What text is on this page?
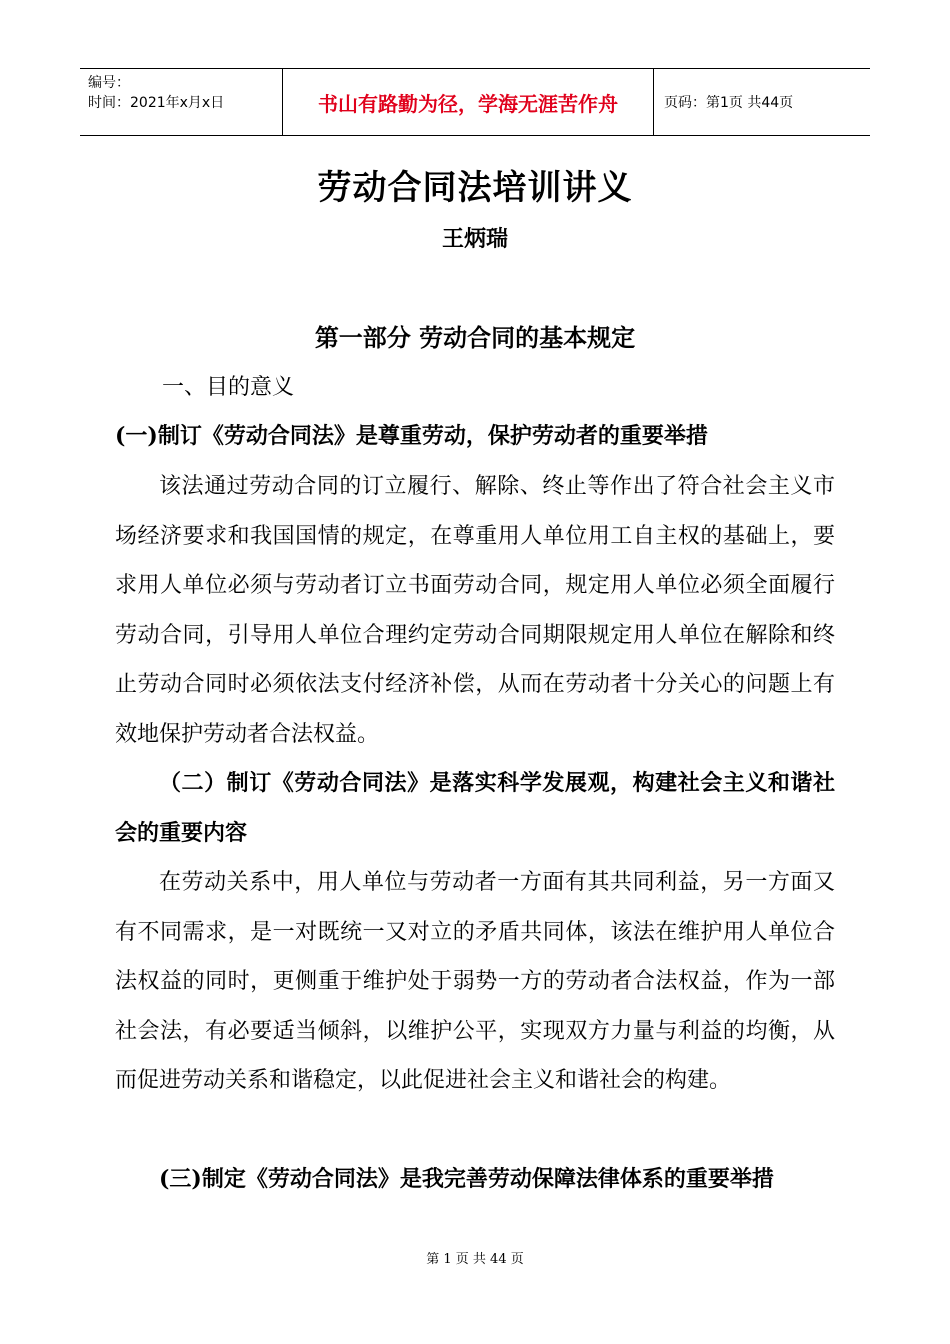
编号：
时间：2021年x月x日	书山有路勤为径，学海无涯苦作舟	页码：第1页 共44页
劳动合同法培训讲义
王炳瑞
第一部分 劳动合同的基本规定
一、目的意义
(一)制订《劳动合同法》是尊重劳动，保护劳动者的重要举措
该法通过劳动合同的订立履行、解除、终止等作出了符合社会主义市场经济要求和我国国情的规定，在尊重用人单位用工自主权的基础上，要求用人单位必须与劳动者订立书面劳动合同，规定用人单位必须全面履行劳动合同，引导用人单位合理约定劳动合同期限规定用人单位在解除和终止劳动合同时必须依法支付经济补偿，从而在劳动者十分关心的问题上有效地保护劳动者合法权益。
（二）制订《劳动合同法》是落实科学发展观，构建社会主义和谐社会的重要内容
在劳动关系中，用人单位与劳动者一方面有其共同利益，另一方面又有不同需求，是一对既统一又对立的矛盾共同体，该法在维护用人单位合法权益的同时，更侧重于维护处于弱势一方的劳动者合法权益，作为一部社会法，有必要适当倾斜，以维护公平，实现双方力量与利益的均衡，从而促进劳动关系和谐稳定，以此促进社会主义和谐社会的构建。
(三)制定《劳动合同法》是我完善劳动保障法律体系的重要举措
第 1 页 共 44 页
